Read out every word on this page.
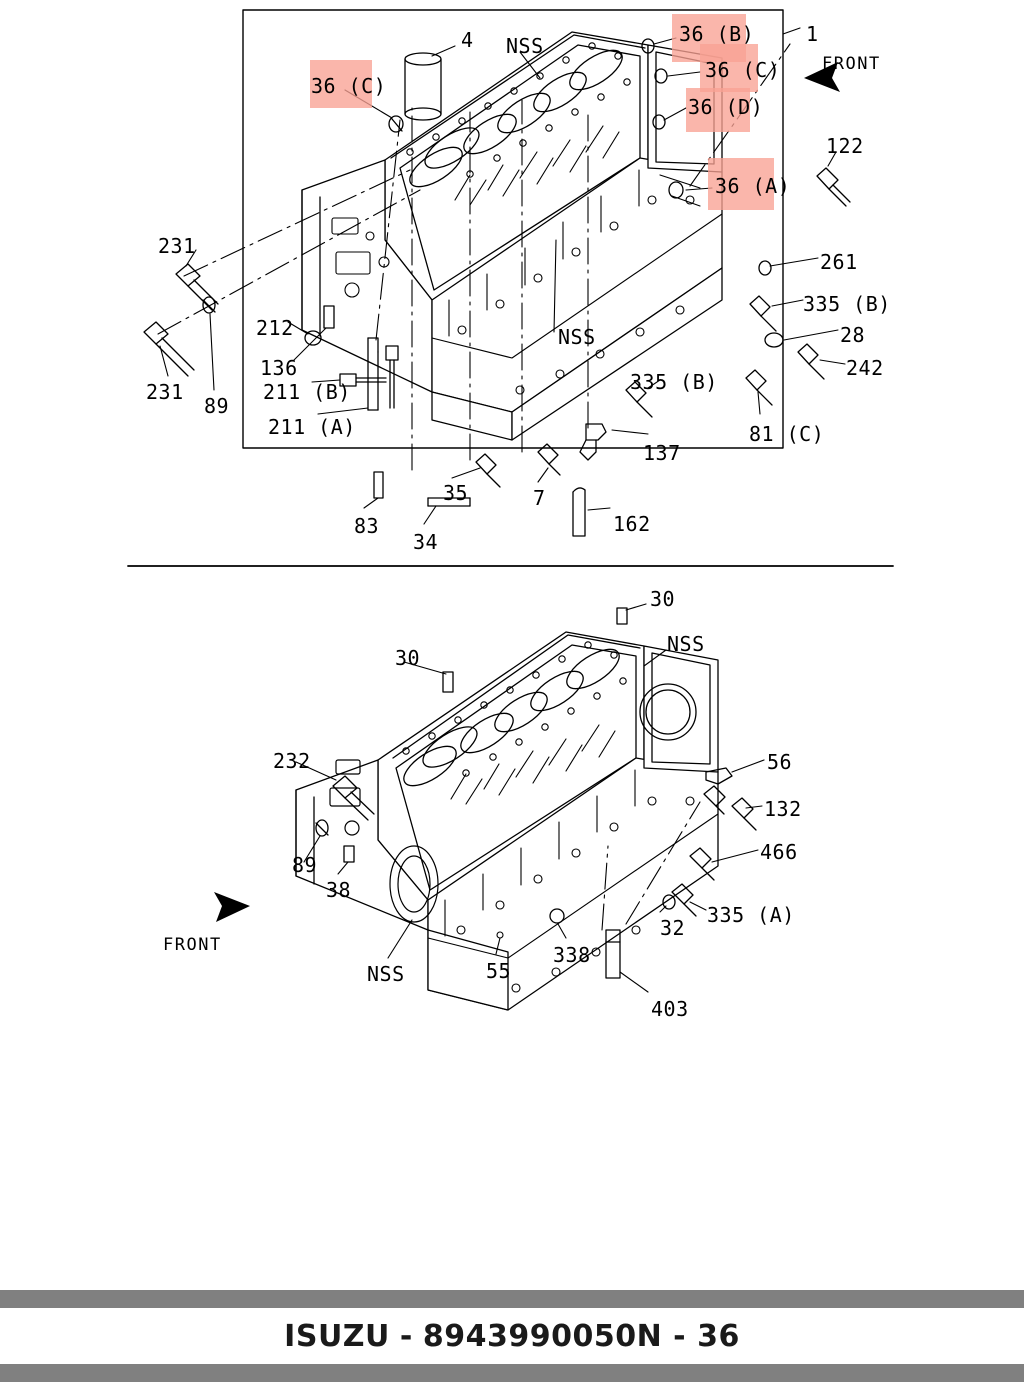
4 NSS	36 (B)	1
36 (C) FRONT
36 (D)
36 (C)
122
36 (A)
231
261
335 (B)
212	28
NSS
136	242
231	211 (B)	335 (B)
89
211 (A)	81 (C)
137
35	7
162
83
34
30
NSS
30
232	56
132
466
89
38
335 (A)
FRONT	338
32
NSS	55
403
ISUZU - 8943990050 N - 36
